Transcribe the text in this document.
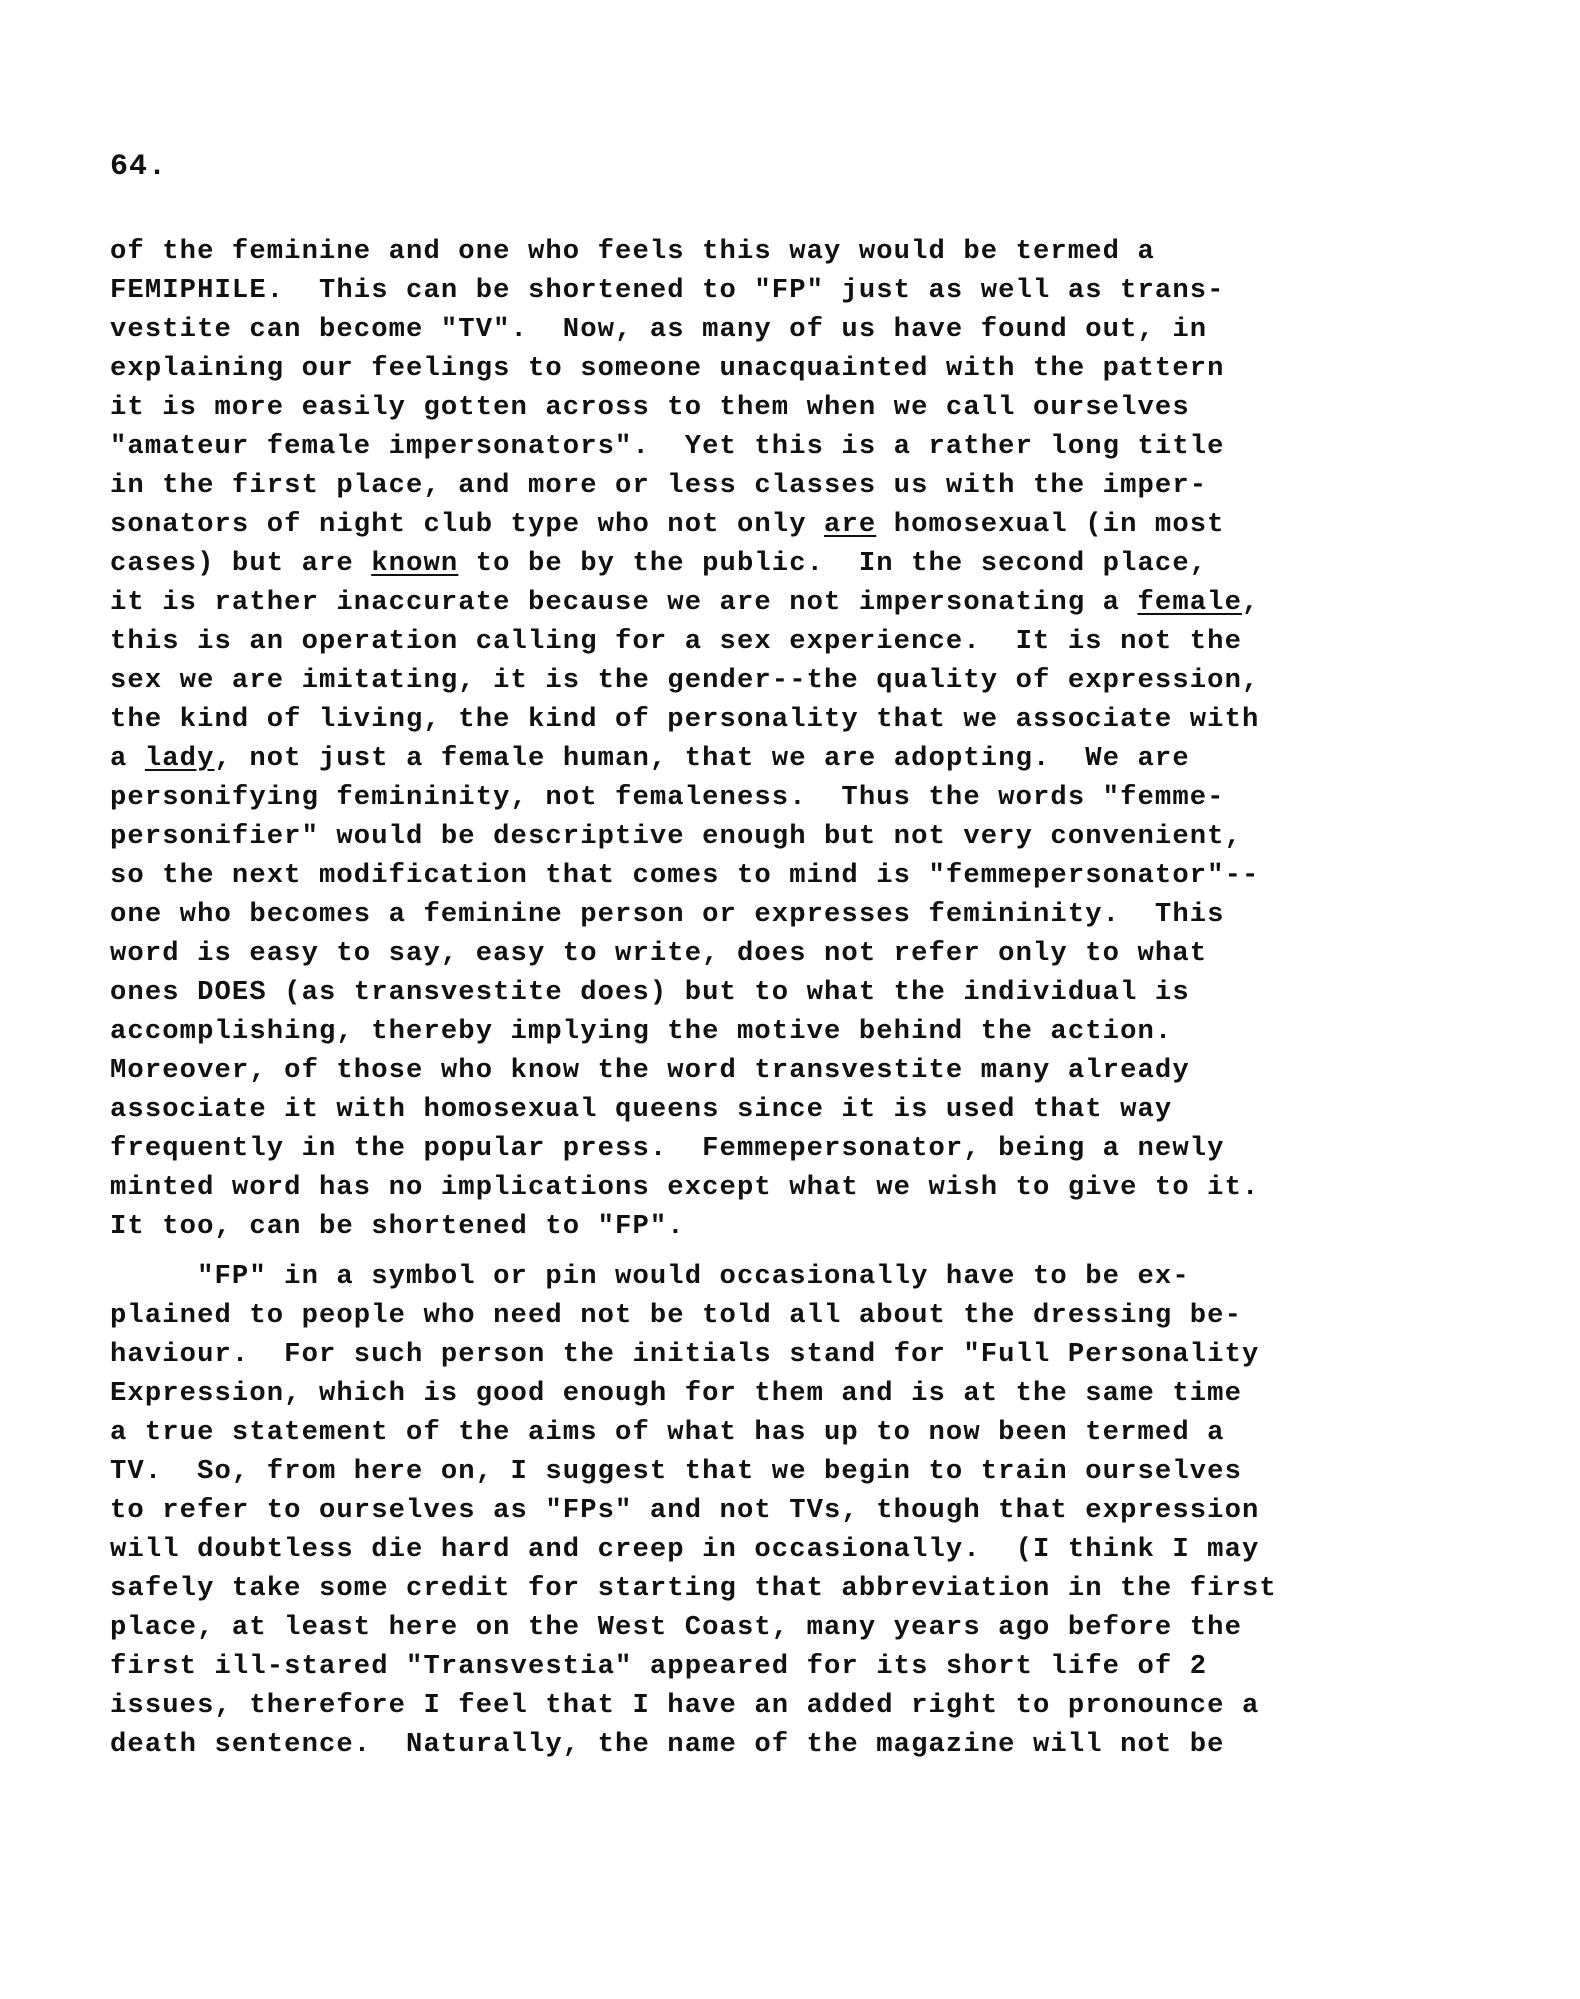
64.
of the feminine and one who feels this way would be termed a
FEMIPHILE.  This can be shortened to "FP" just as well as trans-
vestite can become "TV".  Now, as many of us have found out, in
explaining our feelings to someone unacquainted with the pattern
it is more easily gotten across to them when we call ourselves
"amateur female impersonators".  Yet this is a rather long title
in the first place, and more or less classes us with the imper-
sonators of night club type who not only are homosexual (in most
cases) but are known to be by the public.  In the second place,
it is rather inaccurate because we are not impersonating a female,
this is an operation calling for a sex experience.  It is not the
sex we are imitating, it is the gender--the quality of expression,
the kind of living, the kind of personality that we associate with
a lady, not just a female human, that we are adopting.  We are
personifying femininity, not femaleness.  Thus the words "femme-
personifier" would be descriptive enough but not very convenient,
so the next modification that comes to mind is "femmepersonator"--
one who becomes a feminine person or expresses femininity.  This
word is easy to say, easy to write, does not refer only to what
ones DOES (as transvestite does) but to what the individual is
accomplishing, thereby implying the motive behind the action.
Moreover, of those who know the word transvestite many already
associate it with homosexual queens since it is used that way
frequently in the popular press.  Femmepersonator, being a newly
minted word has no implications except what we wish to give to it.
It too, can be shortened to "FP".
"FP" in a symbol or pin would occasionally have to be ex-
plained to people who need not be told all about the dressing be-
haviour.  For such person the initials stand for "Full Personality
Expression, which is good enough for them and is at the same time
a true statement of the aims of what has up to now been termed a
TV.  So, from here on, I suggest that we begin to train ourselves
to refer to ourselves as "FPs" and not TVs, though that expression
will doubtless die hard and creep in occasionally.  (I think I may
safely take some credit for starting that abbreviation in the first
place, at least here on the West Coast, many years ago before the
first ill-stared "Transvestia" appeared for its short life of 2
issues, therefore I feel that I have an added right to pronounce a
death sentence.  Naturally, the name of the magazine will not be
